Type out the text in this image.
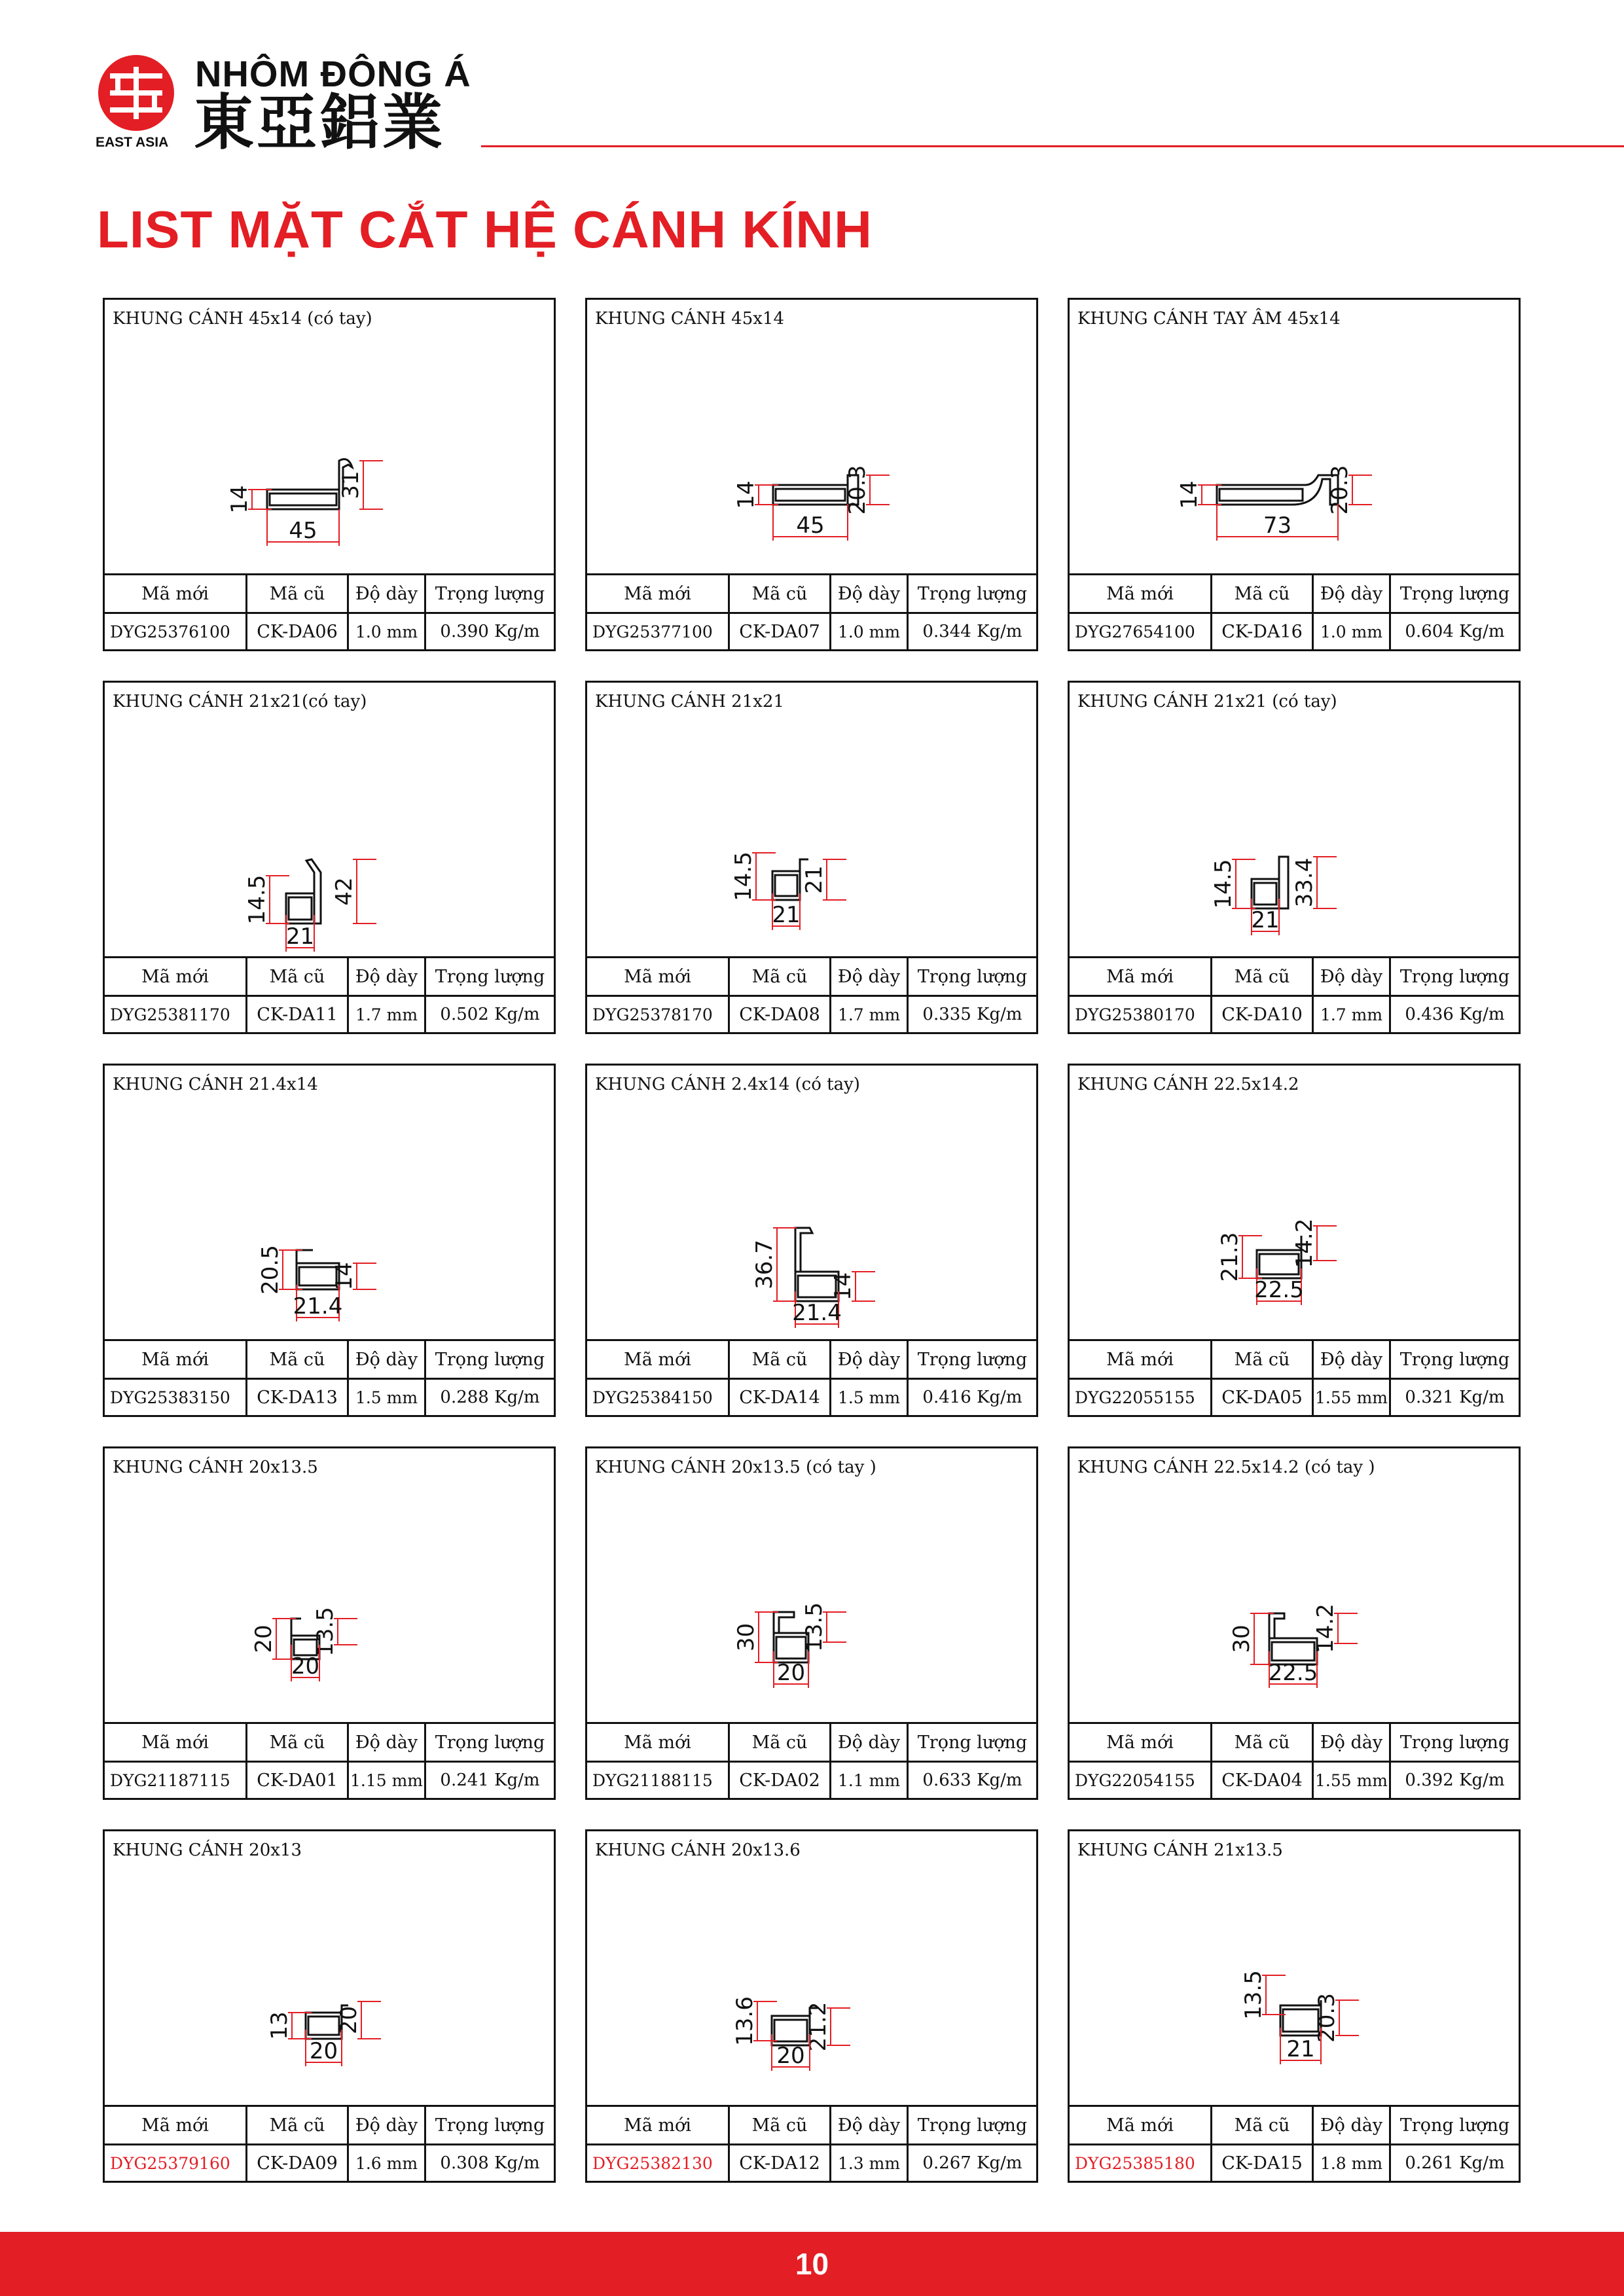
EAST ASIA
NHÔM ĐÔNG Á
東亞鋁業
LIST MẶT CẮT HỆ CÁNH KÍNH
KHUNG CÁNH 45x14 (có tay)
14
31
45
Mã mới	Mã cũ	Độ dày Trọng lượng
DYG25376100	CK-DA06	1.0 mm	0.390 Kg/m
KHUNG CÁNH 45x14
14	20.3
45
Mã mới	Mã cũ	Độ dày Trọng lượng
DYG25377100	CK-DA07	1.0 mm	0.344 Kg/m
KHUNG CÁNH TAY ÂM 45x14
14	20.3
73
Mã mới	Mã cũ	Độ dày Trọng lượng
DYG27654100	CK-DA16	1.0 mm	0.604 Kg/m
KHUNG CÁNH 21x21(có tay)
14.5	42
21
Mã mới	Mã cũ	Độ dày Trọng lượng
DYG25381170	CK-DA11	1.7 mm	0.502 Kg/m
KHUNG CÁNH 21x21
14.5 21
21
Mã mới	Mã cũ	Độ dày Trọng lượng
DYG25378170	CK-DA08	1.7 mm	0.335 Kg/m
KHUNG CÁNH 21x21 (có tay)
14.5 33.4
21
Mã mới	Mã cũ	Độ dày Trọng lượng
DYG25380170	CK-DA10	1.7 mm	0.436 Kg/m
KHUNG CÁNH 21.4x14
20.5 14
21.4
Mã mới	Mã cũ	Độ dày Trọng lượng
DYG25383150	CK-DA13	1.5 mm	0.288 Kg/m
KHUNG CÁNH 2.4x14 (có tay)
36.7 14
21.4
Mã mới	Mã cũ	Độ dày Trọng lượng
DYG25384150	CK-DA14	1.5 mm	0.416 Kg/m
KHUNG CÁNH 22.5x14.2
21.3 14.2
22.5
Mã mới	Mã cũ	Độ dày Trọng lượng
DYG22055155	CK-DA05 1.55 mm	0.321 Kg/m
KHUNG CÁNH 20x13.5
20 13.5
20
Mã mới	Mã cũ	Độ dày Trọng lượng
DYG21187115	CK-DA01 1.15 mm	0.241 Kg/m
KHUNG CÁNH 20x13.5 (có tay )
30 13.5
20
Mã mới	Mã cũ	Độ dày Trọng lượng
DYG21188115	CK-DA02	1.1 mm	0.633 Kg/m
KHUNG CÁNH 22.5x14.2 (có tay )
30	14.2
22.5
Mã mới	Mã cũ	Độ dày Trọng lượng
DYG22054155	CK-DA04 1.55 mm	0.392 Kg/m
KHUNG CÁNH 20x13
13 20
20
Mã mới	Mã cũ	Độ dày Trọng lượng
DYG25379160	CK-DA09	1.6 mm	0.308 Kg/m
KHUNG CÁNH 20x13.6
13.6 21.2
20
Mã mới	Mã cũ	Độ dày Trọng lượng
DYG25382130	CK-DA12	1.3 mm	0.267 Kg/m
KHUNG CÁNH 21x13.5
13.5 20.3
21
Mã mới	Mã cũ	Độ dày Trọng lượng
DYG25385180	CK-DA15	1.8 mm	0.261 Kg/m
10
